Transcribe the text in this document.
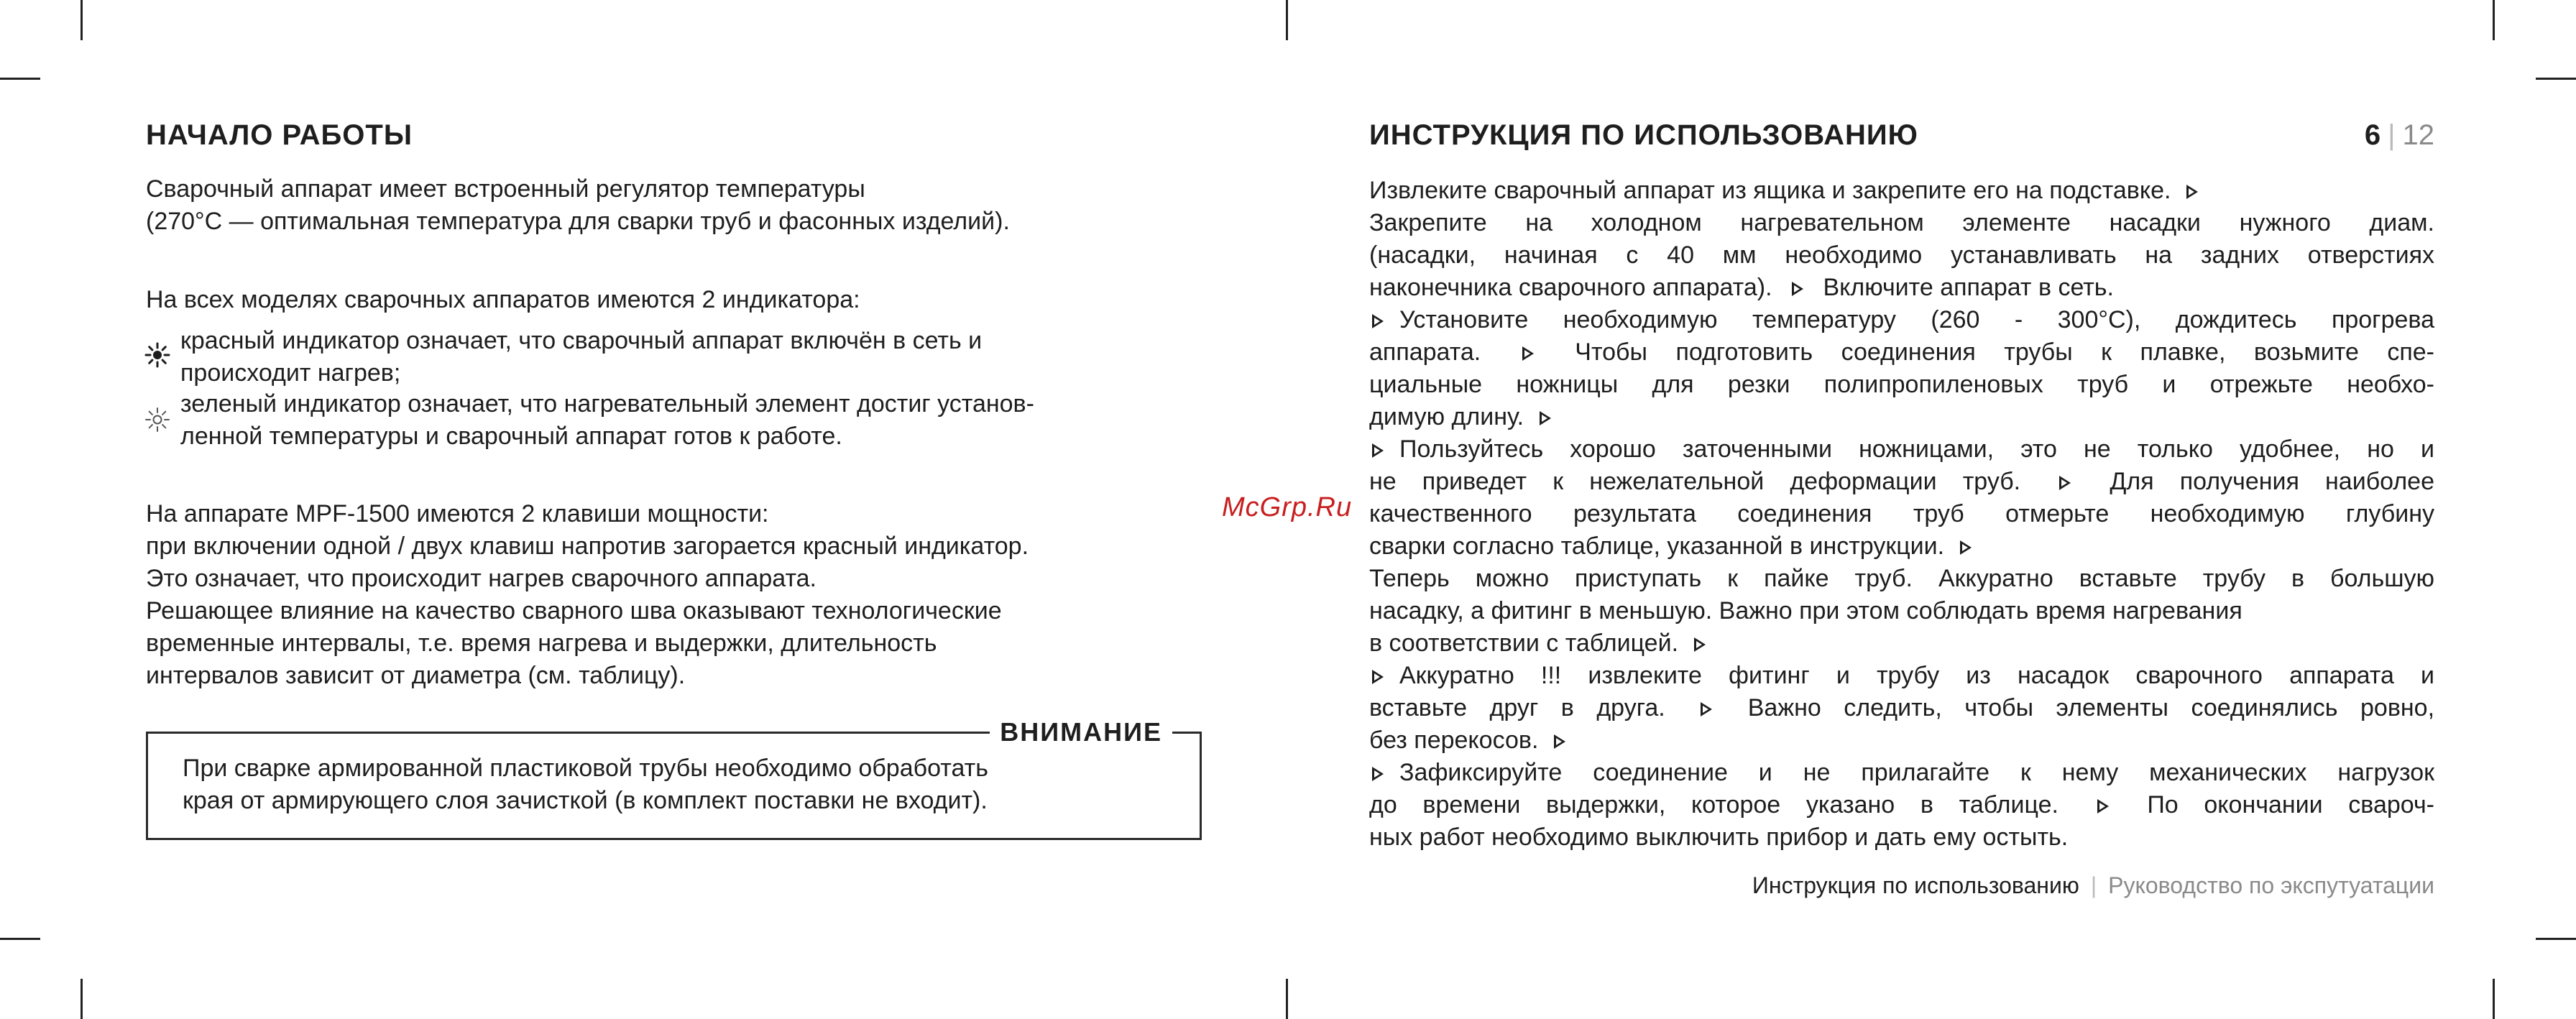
НАЧАЛО РАБОТЫ
Сварочный аппарат имеет встроенный регулятор температуры
(270°C — оптимальная температура для сварки труб и фасонных изделий).
На всех моделях сварочных аппаратов имеются 2 индикатора:
красный индикатор означает, что сварочный аппарат включён в сеть и
происходит нагрев;
зеленый индикатор означает, что нагревательный элемент достиг установ-
ленной температуры и сварочный аппарат готов к работе.
На аппарате MPF-1500 имеются 2 клавиши мощности:
при включении одной / двух клавиш напротив загорается красный индикатор.
Это означает, что происходит нагрев сварочного аппарата.
Решающее влияние на качество сварного шва оказывают технологические
временные интервалы, т.е. время нагрева и выдержки, длительность
интервалов зависит от диаметра (см. таблицу).
ВНИМАНИЕ
При сварке армированной пластиковой трубы необходимо обработать
края от армирующего слоя зачисткой (в комплект поставки не входит).
McGrp.Ru
ИНСТРУКЦИЯ ПО ИСПОЛЬЗОВАНИЮ	6 | 12
Извлеките сварочный аппарат из ящика и закрепите его на подставке.
Закрепите на холодном нагревательном элементе насадки нужного диам.
(насадки, начиная с 40 мм необходимо устанавливать на задних отверстиях
наконечника сварочного аппарата). Включите аппарат в сеть.
Установите необходимую температуру (260 - 300°C), дождитесь прогрева
аппарата.	Чтобы подготовить соединения трубы к плавке, возьмите спе-
циальные ножницы для резки полипропиленовых труб и отрежьте необхо-
димую длину.
Пользуйтесь хорошо заточенными ножницами, это не только удобнее, но и
не приведет к нежелательной деформации труб.	Для получения наиболее
качественного результата соединения труб отмерьте необходимую глубину
сварки согласно таблице, указанной в инструкции.
Теперь можно приступать к пайке труб. Аккуратно вставьте трубу в большую
насадку, а фитинг в меньшую. Важно при этом соблюдать время нагревания
в соответствии с таблицей.
Аккуратно !!! извлеките фитинг и трубу из насадок сварочного аппарата и
вставьте друг в друга.	Важно следить, чтобы элементы соединялись ровно,
без перекосов.
Зафиксируйте соединение и не прилагайте к нему механических нагрузок
до времени выдержки, которое указано в таблице.	По окончании свароч-
ных работ необходимо выключить прибор и дать ему остыть.
Инструкция по использованию | Руководство по экспутуатации
